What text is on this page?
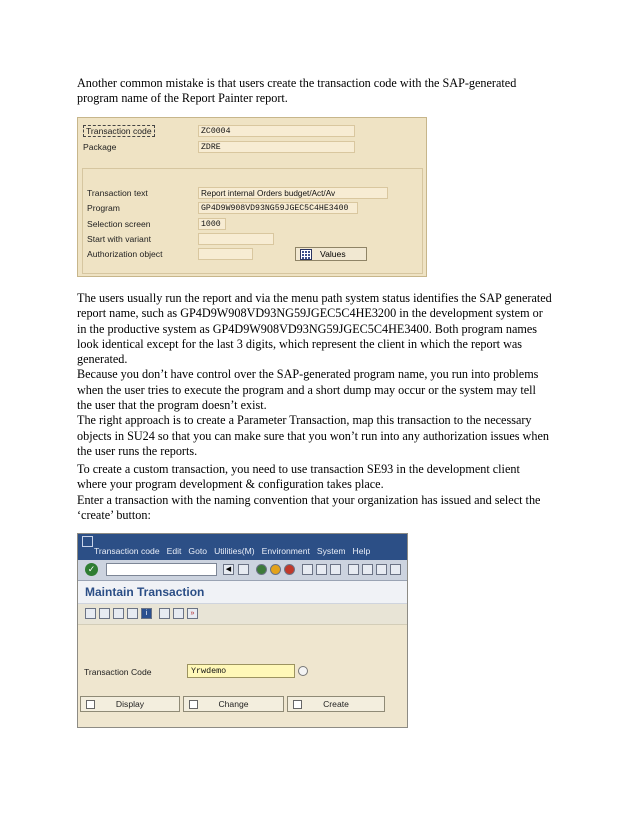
Another common mistake is that users create the transaction code with the SAP-generated
program name of the Report Painter report.

Transaction code	ZC0004
Package	ZDRE
Transaction text	Report internal Orders budget/Act/Av
Program	GP4D9W908VD93NG59JGEC5C4HE3400
Selection screen	1000
Start with variant
Authorization object	Values

The users usually run the report and via the menu path system status identifies the SAP generated
report name, such as GP4D9W908VD93NG59JGEC5C4HE3200 in the development system or
in the productive system as GP4D9W908VD93NG59JGEC5C4HE3400. Both program names
look identical except for the last 3 digits, which represent the client in which the report was
generated.
Because you don’t have control over the SAP-generated program name, you run into problems
when the user tries to execute the program and a short dump may occur or the system may tell
the user that the program doesn’t exist.
The right approach is to create a Parameter Transaction, map this transaction to the necessary
objects in SU24 so that you can make sure that you won’t run into any authorization issues when
the user runs the reports.

To create a custom transaction, you need to use transaction SE93 in the development client
where your program development & configuration takes place.
Enter a transaction with the naming convention that your organization has issued and select the
‘create’ button:

Transaction code Edit Goto Utilities(M) Environment System Help
✓	◀
Maintain Transaction
i	»
Transaction Code	Yrwdemo
Display	Change	Create
